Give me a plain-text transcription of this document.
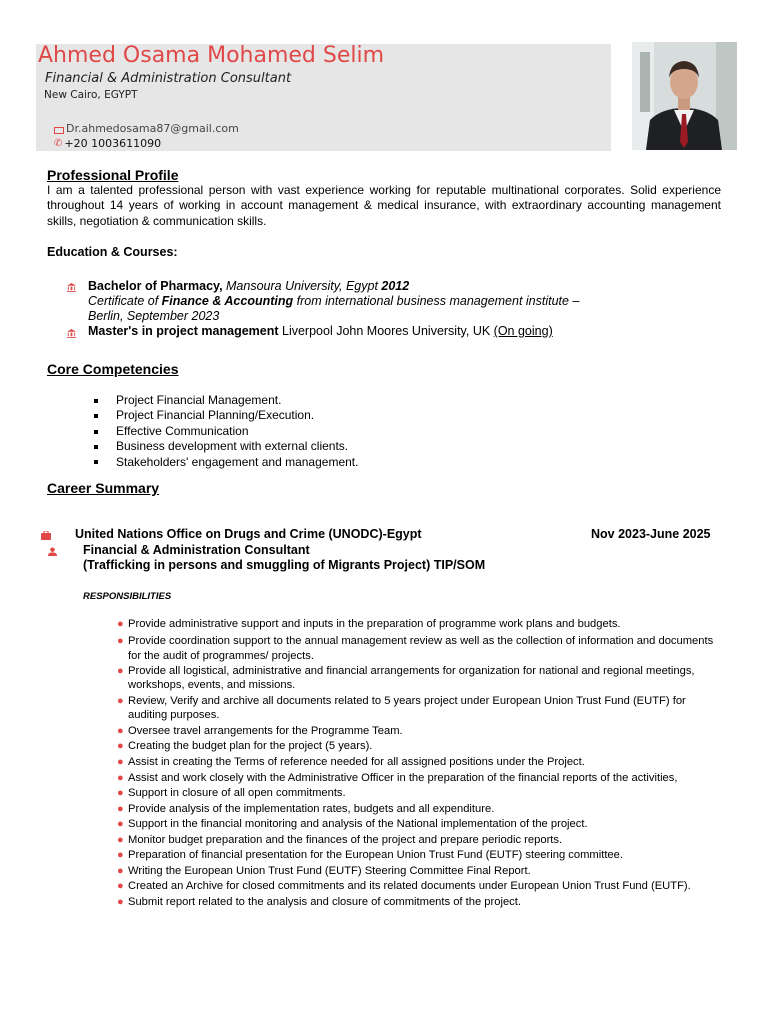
Ahmed Osama Mohamed Selim
Financial & Administration Consultant
New Cairo, EGYPT
Dr.ahmedosama87@gmail.com
✆ +20 1003611090
Professional Profile
I am a talented professional person with vast experience working for reputable multinational corporates. Solid experience throughout 14 years of working in account management & medical insurance, with extraordinary accounting management skills, negotiation & communication skills.
Education & Courses:
Bachelor of Pharmacy, Mansoura University, Egypt 2012
Certificate of Finance & Accounting from international business management institute –
Berlin, September 2023
Master's in project management Liverpool John Moores University, UK (On going)
Core Competencies
Project Financial Management.
Project Financial Planning/Execution.
Effective Communication
Business development with external clients.
Stakeholders' engagement and management.
Career Summary
United Nations Office on Drugs and Crime (UNODC)-Egypt	Nov 2023-June 2025
Financial & Administration Consultant
(Trafficking in persons and smuggling of Migrants Project) TIP/SOM
RESPONSIBILITIES
● Provide administrative support and inputs in the preparation of programme work plans and budgets.
● Provide coordination support to the annual management review as well as the collection of information and documents for the audit of programmes/ projects.
● Provide all logistical, administrative and financial arrangements for organization for national and regional meetings, workshops, events, and missions.
● Review, Verify and archive all documents related to 5 years project under European Union Trust Fund (EUTF) for auditing purposes.
● Oversee travel arrangements for the Programme Team.
● Creating the budget plan for the project (5 years).
● Assist in creating the Terms of reference needed for all assigned positions under the Project.
● Assist and work closely with the Administrative Officer in the preparation of the financial reports of the activities,
● Support in closure of all open commitments.
● Provide analysis of the implementation rates, budgets and all expenditure.
● Support in the financial monitoring and analysis of the National implementation of the project.
● Monitor budget preparation and the finances of the project and prepare periodic reports.
● Preparation of financial presentation for the European Union Trust Fund (EUTF) steering committee.
● Writing the European Union Trust Fund (EUTF) Steering Committee Final Report.
● Created an Archive for closed commitments and its related documents under European Union Trust Fund (EUTF).
● Submit report related to the analysis and closure of commitments of the project.
